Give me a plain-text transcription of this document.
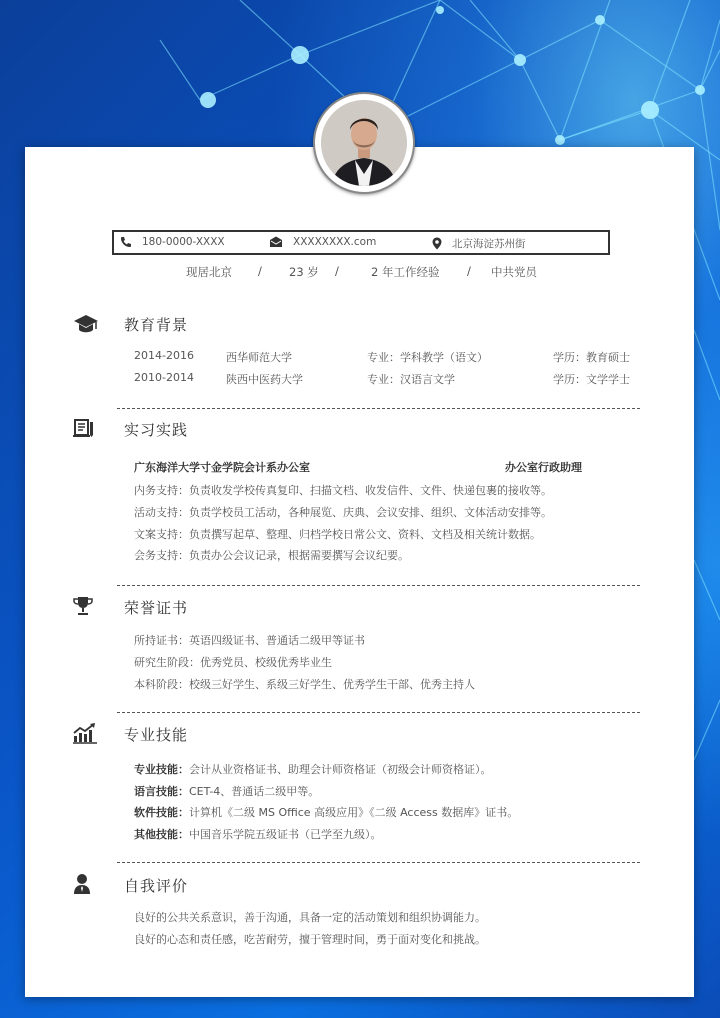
180-0000-XXXX	XXXXXXXX.com	北京海淀苏州街
现居北京 / 23 岁 /	2 年工作经验 / 中共党员
教育背景
2014-2016	西华师范大学	专业：学科教学（语文）	学历：教育硕士
2010-2014	陕西中医药大学	专业：汉语言文学	学历：文学学士
实习实践
广东海洋大学寸金学院会计系办公室	办公室行政助理
内务支持：负责收发学校传真复印、扫描文档、收发信件、文件、快递包裹的接收等。
活动支持：负责学校员工活动，各种展览、庆典、会议安排、组织、文体活动安排等。
文案支持：负责撰写起草、整理、归档学校日常公文、资料、文档及相关统计数据。
会务支持：负责办公会议记录，根据需要撰写会议纪要。
荣誉证书
所持证书：英语四级证书、普通话二级甲等证书
研究生阶段：优秀党员、校级优秀毕业生
本科阶段：校级三好学生、系级三好学生、优秀学生干部、优秀主持人
专业技能
专业技能：会计从业资格证书、助理会计师资格证（初级会计师资格证）。
语言技能：CET-4、普通话二级甲等。
软件技能：计算机《二级 MS Office 高级应用》《二级 Access 数据库》证书。
其他技能：中国音乐学院五级证书（已学至九级）。
自我评价
良好的公共关系意识，善于沟通，具备一定的活动策划和组织协调能力。
良好的心态和责任感，吃苦耐劳，擅于管理时间，勇于面对变化和挑战。
